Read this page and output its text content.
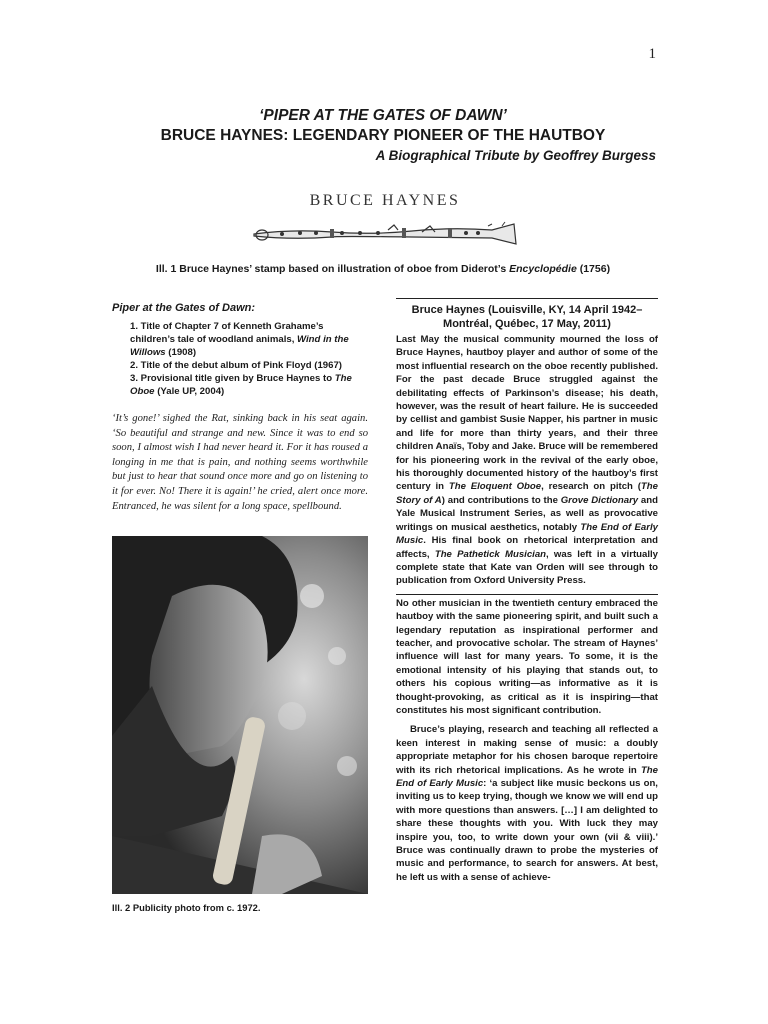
1

‘PIPER AT THE GATES OF DAWN’

BRUCE HAYNES: LEGENDARY PIONEER OF THE HAUTBOY

A Biographical Tribute by Geoffrey Burgess

BRUCE HAYNES
Ill. 1 Bruce Haynes’ stamp based on illustration of oboe from Diderot’s Encyclopédie (1756)

Piper at the Gates of Dawn:

1. Title of Chapter 7 of Kenneth Grahame’s children’s tale of woodland animals, Wind in the Willows (1908)
2. Title of the debut album of Pink Floyd (1967)
3. Provisional title given by Bruce Haynes to The Oboe (Yale UP, 2004)

‘It’s gone!’ sighed the Rat, sinking back in his seat again. ‘So beautiful and strange and new. Since it was to end so soon, I almost wish I had never heard it. For it has roused a longing in me that is pain, and nothing seems worthwhile but just to hear that sound once more and go on listening to it for ever. No! There it is again!’ he cried, alert once more. Entranced, he was silent for a long space, spellbound.

Ill. 2 Publicity photo from c. 1972.
Bruce Haynes (Louisville, KY, 14 April 1942–Montréal, Québec, 17 May, 2011)

Last May the musical community mourned the loss of Bruce Haynes, hautboy player and author of some of the most influential research on the oboe recently published. For the past decade Bruce struggled against the debilitating effects of Parkinson’s disease; his death, however, was the result of heart failure. He is succeeded by cellist and gambist Susie Napper, his partner in music and life for more than thirty years, and their three children Anaïs, Toby and Jake. Bruce will be remembered for his pioneering work in the revival of the early oboe, his thoroughly documented history of the hautboy’s first century in The Eloquent Oboe, research on pitch (The Story of A) and contributions to the Grove Dictionary and Yale Musical Instrument Series, as well as provocative writings on musical aesthetics, notably The End of Early Music. His final book on rhetorical interpretation and affects, The Pathetick Musician, was left in a virtually complete state that Kate van Orden will see through to publication from Oxford University Press.

No other musician in the twentieth century embraced the hautboy with the same pioneering spirit, and built such a legendary reputation as inspirational performer and teacher, and provocative scholar. The stream of Haynes’ influence will last for many years. To some, it is the emotional intensity of his playing that stands out, to others his copious writing—as informative as it is thought-provoking, as critical as it is inspiring—that constitutes his most significant contribution.

Bruce’s playing, research and teaching all reflected a keen interest in making sense of music: a doubly appropriate metaphor for his chosen baroque repertoire with its rich rhetorical implications. As he wrote in The End of Early Music: ‘a subject like music beckons us on, inviting us to keep trying, though we know we will end up with more questions than answers. […] I am delighted to share these thoughts with you. With luck they may inspire you, too, to write down your own (vii & viii).’ Bruce was continually drawn to probe the mysteries of music and performance, to search for answers. At best, he left us with a sense of achieve-
